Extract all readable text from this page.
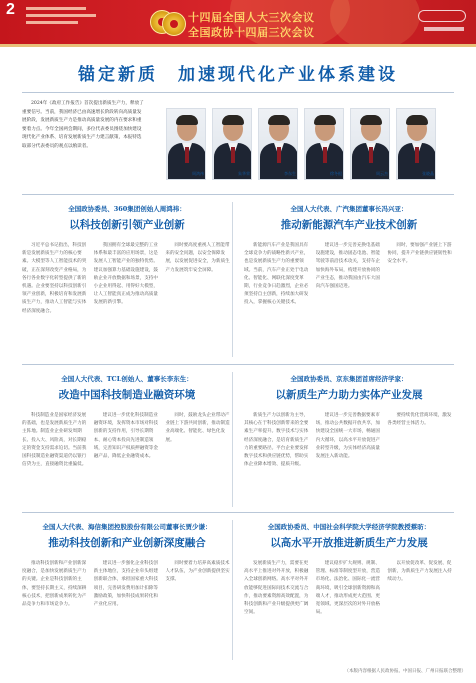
2	十四届全国人大三次会议
全国政协十四届三次会议
锚定新质　加速现代化产业体系建设
2024年《政府工作报告》首次提出新质生产力，释放了重要信号。当前，我国经济已由高速增长阶段转向高质量发展阶段，发展新质生产力是推动高质量发展的内在要求和重要着力点。今年全国两会期间，多位代表委员围绕加快建设现代化产业体系、培育发展新质生产力建言献策，本报特选取部分代表委员的观点以飨读者。
周鸿祎	朱华荣	李东生	徐冬根	周云杰	张晓晶
全国政协委员、360集团创始人周鸿祎：
以科技创新引领产业创新
习近平总书记指出，科技创新是发展新质生产力的核心要素。大模型等人工智能技术的突破，正在深刻改变产业格局，为各行各业数字化转型提供了新的机遇。企业要坚持以科技创新引领产业创新，积极培育和发展新质生产力，推动人工智能与实体经济深度融合。
我国拥有全球最完整的工业体系和最丰富的应用场景，这是发展人工智能产业的独特优势。建议加强算力基础设施建设，鼓励企业开放数据和场景，支持中小企业用得起、用得好大模型，让人工智能真正成为推动高质量发展的新引擎。
同时要高度重视人工智能带来的安全问题，以安全保障发展，以发展促进安全，为新质生产力发展筑牢安全屏障。
全国人大代表、广汽集团董事长冯兴亚：
推动新能源汽车产业技术创新
新能源汽车产业是我国具有全球竞争力的战略性新兴产业，也是发展新质生产力的重要领域。当前，汽车产业正处于电动化、智能化、网联化深度变革期，行业竞争日趋激烈，企业必须坚持自主创新，持续加大研发投入，掌握核心关键技术。
建议进一步完善充换电基础设施建设，推动固态电池、智能驾驶等前沿技术攻关，支持车企加快海外布局，构建开放协同的产业生态，推动我国由汽车大国向汽车强国迈进。
同时，要加强产业链上下游协同，提升产业链供应链韧性和安全水平。
全国人大代表、TCL创始人、董事长李东生：
改造中国科技制造业融资环境
科技制造业是国家经济发展的基础，也是发展新质生产力的主阵地。制造业企业研发周期长、投入大、风险高，对长期稳定的资金支持需求迫切。当前我国科技制造业融资渠道仍以银行信贷为主，直接融资比重偏低。
建议进一步优化科技制造业融资环境，发挥资本市场对科技创新的支持作用，引导长期资本、耐心资本投向先进制造领域，完善知识产权质押融资等金融产品，降低企业融资成本。
同时，鼓励龙头企业带动产业链上下游共同创新，推动制造业高端化、智能化、绿色化发展。
全国政协委员、京东集团首席经济学家：
以新质生产力助力实体产业发展
新质生产力以创新为主导，其核心在于科技创新带来的全要素生产率提升。数字技术与实体经济深度融合，是培育新质生产力的重要路径。平台企业要发挥数字技术和供应链优势，帮助实体企业降本增效、提质升级。
建议进一步完善数据要素市场，推动公共数据开放共享，加快建设全国统一大市场，畅通国内大循环，以高水平开放促进产业转型升级，为实体经济高质量发展注入新动能。
要持续优化营商环境，激发各类经营主体活力。
全国人大代表、海信集团控股股份有限公司董事长贾少谦：
推动科技创新和产业创新深度融合
推动科技创新和产业创新深度融合，是加快发展新质生产力的关键。企业是科技创新的主体，要坚持长期主义，持续深耕核心技术，把创新成果转化为产品竞争力和市场竞争力。
建议进一步强化企业科技创新主体地位，支持企业牵头组建创新联合体，承担国家重大科技项目，完善研发费用加计扣除等激励政策，加快科技成果转化和产业化应用。
同时要着力培养高素质技术人才队伍，为产业创新提供坚实支撑。
全国政协委员、中国社会科学院大学经济学院教授蔡昉：
以高水平开放推进新质生产力发展
发展新质生产力，需要在更高水平上推进对外开放，积极融入全球创新网络。高水平对外开放能够促进国际间技术交流与合作，推动要素资源高效配置，为科技创新和产业升级提供更广阔空间。
建议稳步扩大规则、规制、管理、标准等制度型开放，营造市场化、法治化、国际化一流营商环境，吸引全球创新资源和高端人才，推动形成更大范围、更宽领域、更深层次的对外开放格局。
以开放促改革、促发展、促创新，为新质生产力发展注入持续动力。
（本版内容根据人民政协报、中国日报、广州日报联合整理）
